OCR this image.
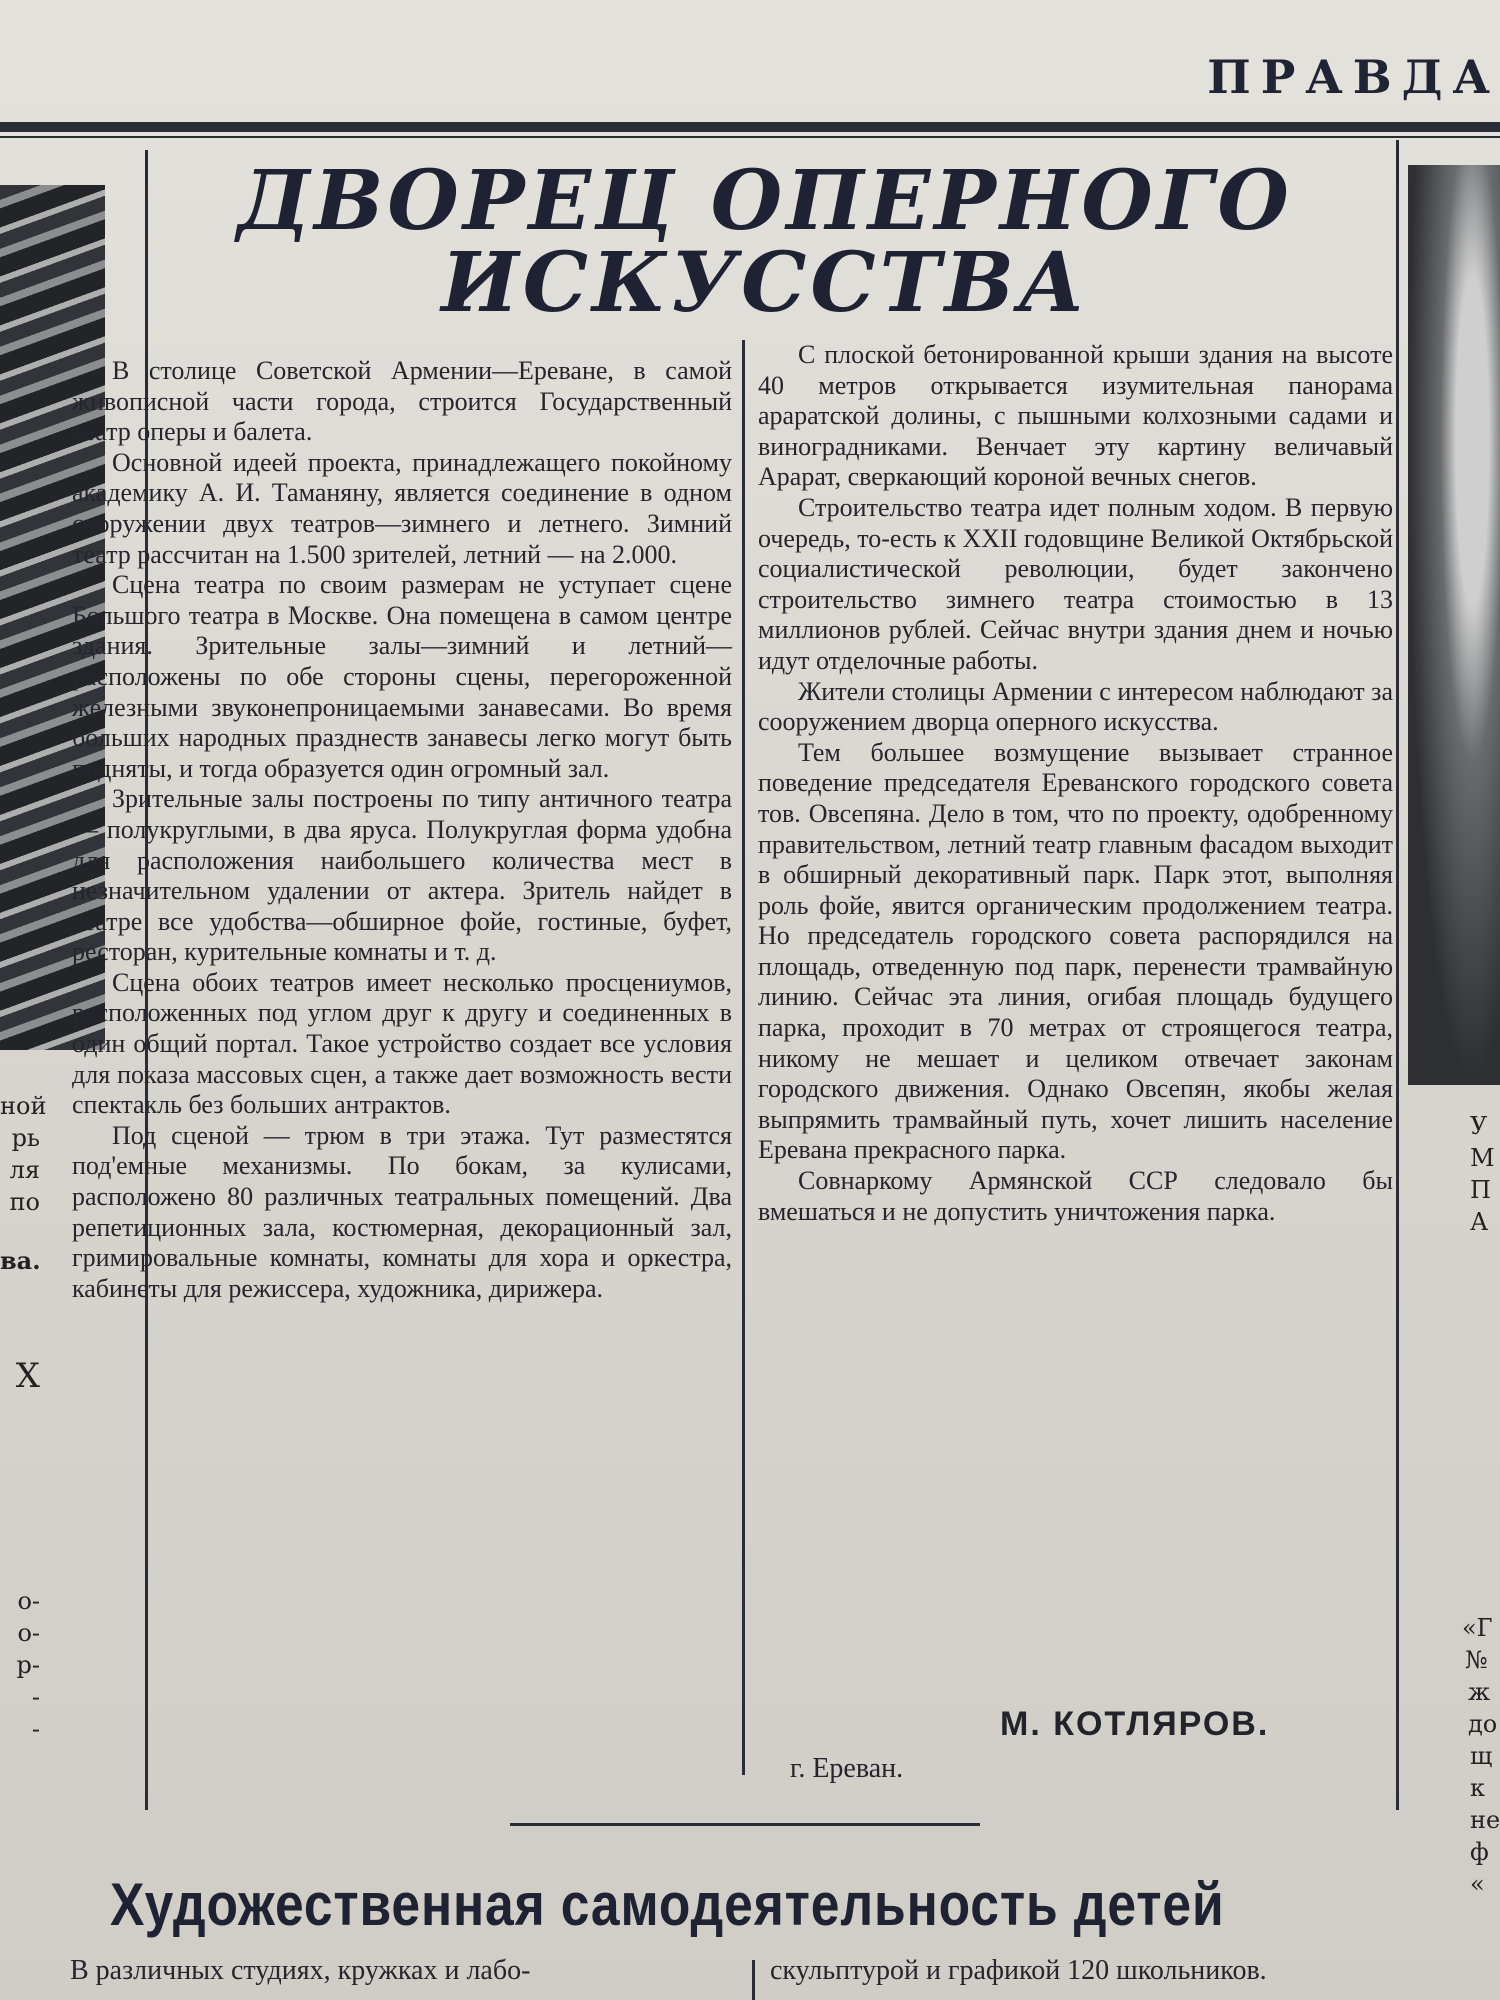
ПРАВДА
ной
рь
ля
по
ва.
X
о-
о-
р-
-
-
У
М
П
А
«Г
№
ж
до
щ
к
не
ф
«
ДВОРЕЦ ОПЕРНОГО
ИСКУССТВА

В столице Советской Армении—Ереване, в самой живописной части города, строится Государственный театр оперы и балета.

Основной идеей проекта, принадлежащего покойному академику А. И. Таманяну, является соединение в одном сооружении двух театров—зимнего и летнего. Зимний театр рассчитан на 1.500 зрителей, летний — на 2.000.

Сцена театра по своим размерам не уступает сцене Большого театра в Москве. Она помещена в самом центре здания. Зрительные залы—зимний и летний—расположены по обе стороны сцены, перегороженной железными звуконепроницаемыми занавесами. Во время больших народных празднеств занавесы легко могут быть подняты, и тогда образуется один огромный зал.

Зрительные залы построены по типу античного театра — полукруглыми, в два яруса. Полукруглая форма удобна для расположения наибольшего количества мест в незначительном удалении от актера. Зритель найдет в театре все удобства—обширное фойе, гостиные, буфет, ресторан, курительные комнаты и т. д.

Сцена обоих театров имеет несколько просцениумов, расположенных под углом друг к другу и соединенных в один общий портал. Такое устройство создает все условия для показа массовых сцен, а также дает возможность вести спектакль без больших антрактов.

Под сценой — трюм в три этажа. Тут разместятся под'емные механизмы. По бокам, за кулисами, расположено 80 различных театральных помещений. Два репетиционных зала, костюмерная, декорационный зал, гримировальные комнаты, комнаты для хора и оркестра, кабинеты для режиссера, художника, дирижера.

С плоской бетонированной крыши здания на высоте 40 метров открывается изумительная панорама араратской долины, с пышными колхозными садами и виноградниками. Венчает эту картину величавый Арарат, сверкающий короной вечных снегов.

Строительство театра идет полным ходом. В первую очередь, то-есть к XXII годовщине Великой Октябрьской социалистической революции, будет закончено строительство зимнего театра стоимостью в 13 миллионов рублей. Сейчас внутри здания днем и ночью идут отделочные работы.

Жители столицы Армении с интересом наблюдают за сооружением дворца оперного искусства.

Тем большее возмущение вызывает странное поведение председателя Ереванского городского совета тов. Овсепяна. Дело в том, что по проекту, одобренному правительством, летний театр главным фасадом выходит в обширный декоративный парк. Парк этот, выполняя роль фойе, явится органическим продолжением театра. Но председатель городского совета распорядился на площадь, отведенную под парк, перенести трамвайную линию. Сейчас эта линия, огибая площадь будущего парка, проходит в 70 метрах от строящегося театра, никому не мешает и целиком отвечает законам городского движения. Однако Овсепян, якобы желая выпрямить трамвайный путь, хочет лишить население Еревана прекрасного парка.

Совнаркому Армянской ССР следовало бы вмешаться и не допустить уничтожения парка.

М. КОТЛЯРОВ.
г. Ереван.
Художественная самодеятельность детей
В различных студиях, кружках и лабо-	скульптурой и графикой 120 школьников.
